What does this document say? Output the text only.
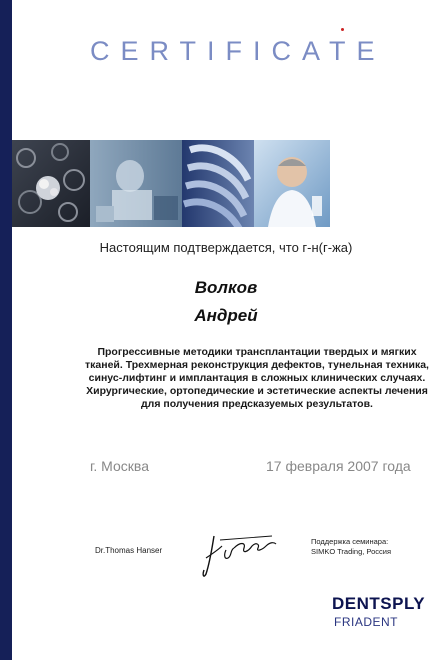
CERTIFICATE
Настоящим подтверждается, что г-н(г-жа)
Волков
Андрей
Прогрессивные методики трансплантации твердых и мягких тканей. Трехмерная реконструкция дефектов, тунельная техника, синус-лифтинг и имплантация в сложных клинических случаях. Хирургические, ортопедические и эстетические аспекты лечения для получения предсказуемых результатов.
г. Москва	17 февраля 2007 года
Dr.Thomas Hanser
Поддержка семинара:
SIMKO Trading, Россия
DENTSPLY
FRIADENT
